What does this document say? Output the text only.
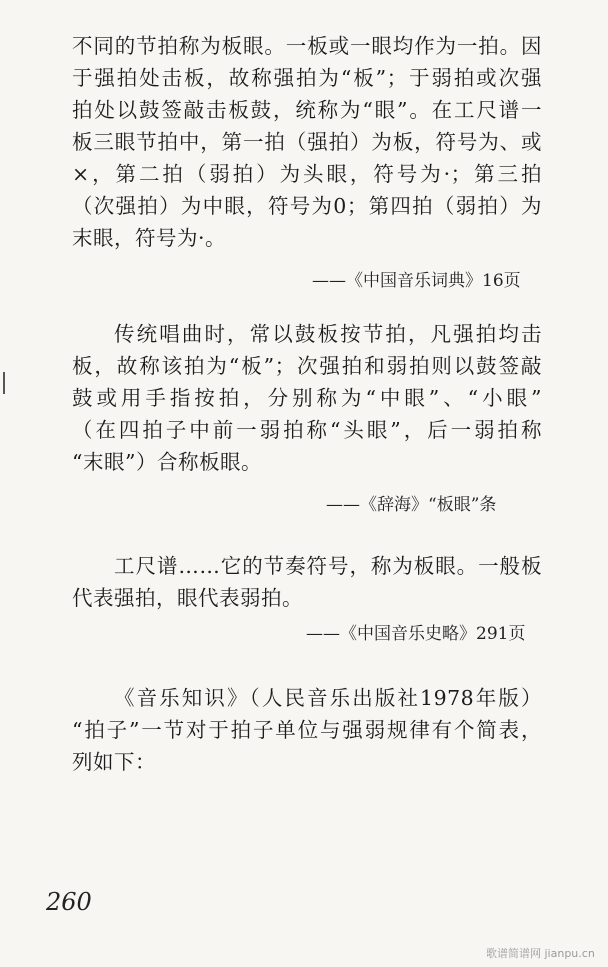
不同的节拍称为板眼。一板或一眼均作为一拍。因
于强拍处击板，故称强拍为“板”；于弱拍或次强
拍处以鼓签敲击板鼓，统称为“眼”。在工尺谱一
板三眼节拍中，第一拍（强拍）为板，符号为、或
×，第二拍（弱拍）为头眼，符号为·；第三拍
（次强拍）为中眼，符号为0；第四拍（弱拍）为
末眼，符号为·。
——《中国音乐词典》16页
传统唱曲时，常以鼓板按节拍，凡强拍均击
板，故称该拍为“板”；次强拍和弱拍则以鼓签敲
鼓或用手指按拍，分别称为“中眼”、“小眼”
（在四拍子中前一弱拍称“头眼”，后一弱拍称
“末眼”）合称板眼。
——《辞海》“板眼”条
工尺谱……它的节奏符号，称为板眼。一般板
代表强拍，眼代表弱拍。
——《中国音乐史略》291页
《音乐知识》（人民音乐出版社1978年版）
“拍子”一节对于拍子单位与强弱规律有个简表，
列如下：
260
歌谱简谱网 jianpu.cn
